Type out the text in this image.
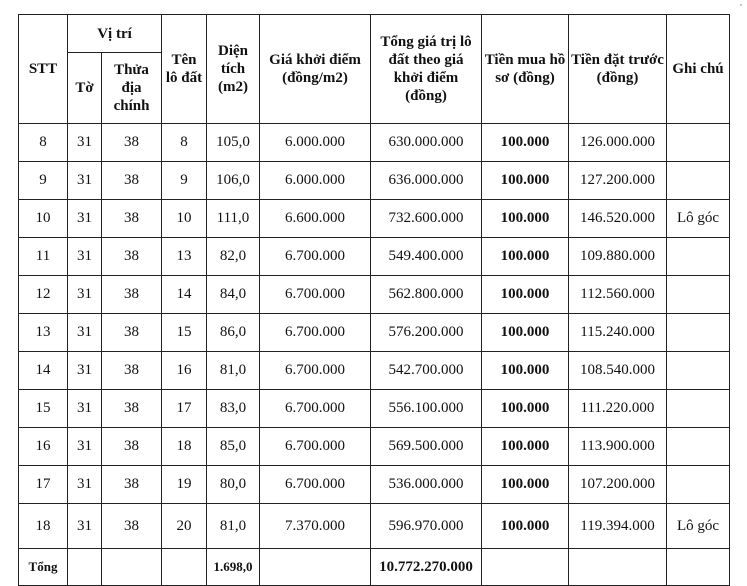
STT	Vị trí		Tên lô đất	Diện tích (m2)	Giá khởi điểm (đồng/m2)	Tổng giá trị lô đất theo giá khởi điểm (đồng)	Tiền mua hồ sơ (đồng)	Tiền đặt trước (đồng)	Ghi chú
	Tờ	Thửa địa chính							
8	31	38	8	105,0	6.000.000	630.000.000	100.000	126.000.000	
9	31	38	9	106,0	6.000.000	636.000.000	100.000	127.200.000	
10	31	38	10	111,0	6.600.000	732.600.000	100.000	146.520.000	Lô góc
11	31	38	13	82,0	6.700.000	549.400.000	100.000	109.880.000	
12	31	38	14	84,0	6.700.000	562.800.000	100.000	112.560.000	
13	31	38	15	86,0	6.700.000	576.200.000	100.000	115.240.000	
14	31	38	16	81,0	6.700.000	542.700.000	100.000	108.540.000	
15	31	38	17	83,0	6.700.000	556.100.000	100.000	111.220.000	
16	31	38	18	85,0	6.700.000	569.500.000	100.000	113.900.000	
17	31	38	19	80,0	6.700.000	536.000.000	100.000	107.200.000	
18	31	38	20	81,0	7.370.000	596.970.000	100.000	119.394.000	Lô góc
Tổng				1.698,0		10.772.270.000			
